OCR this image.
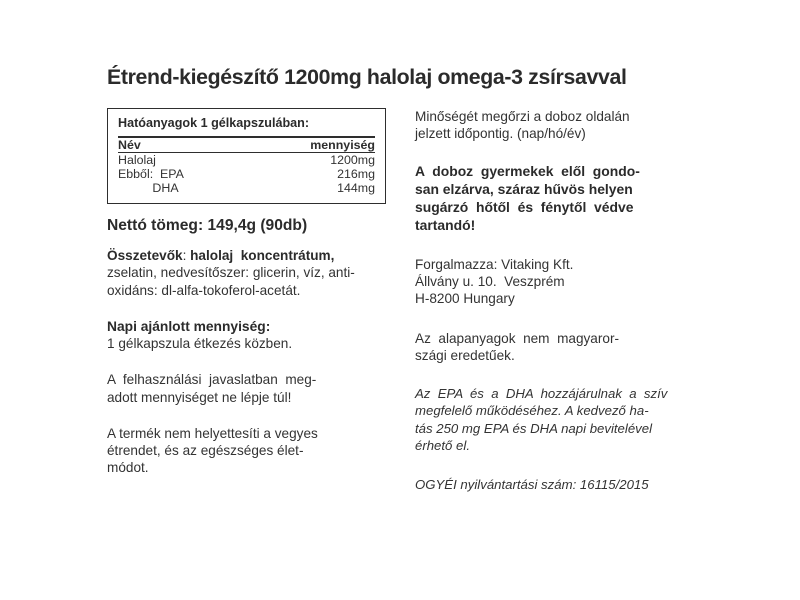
Étrend-kiegészítő 1200mg halolaj omega-3 zsírsavval
Hatóanyagok 1 gélkapszulában:
Név	mennyiség
Halolaj	1200mg
Ebből:  EPA	216mg
DHA	144mg
Nettó tömeg: 149,4g (90db)
Összetevők: halolaj  koncentrátum,
zselatin, nedvesítőszer: glicerin, víz, anti-
oxidáns: dl-alfa-tokoferol-acetát.
Napi ajánlott mennyiség:
1 gélkapszula étkezés közben.
A  felhasználási  javaslatban  meg-
adott mennyiséget ne lépje túl!
A termék nem helyettesíti a vegyes
étrendet, és az egészséges élet-
módot.
Minőségét megőrzi a doboz oldalán
jelzett időpontig. (nap/hó/év)
A  doboz  gyermekek  elől  gondo-
san elzárva, száraz hűvös helyen
sugárzó  hőtől  és  fénytől  védve
tartandó!
Forgalmazza: Vitaking Kft.
Állvány u. 10.  Veszprém
H-8200 Hungary
Az  alapanyagok  nem  magyaror-
szági eredetűek.
Az  EPA  és  a  DHA  hozzájárulnak  a  szív
megfelelő működéséhez. A kedvező ha-
tás 250 mg EPA és DHA napi bevitelével
érhető el.
OGYÉI nyilvántartási szám: 16115/2015
